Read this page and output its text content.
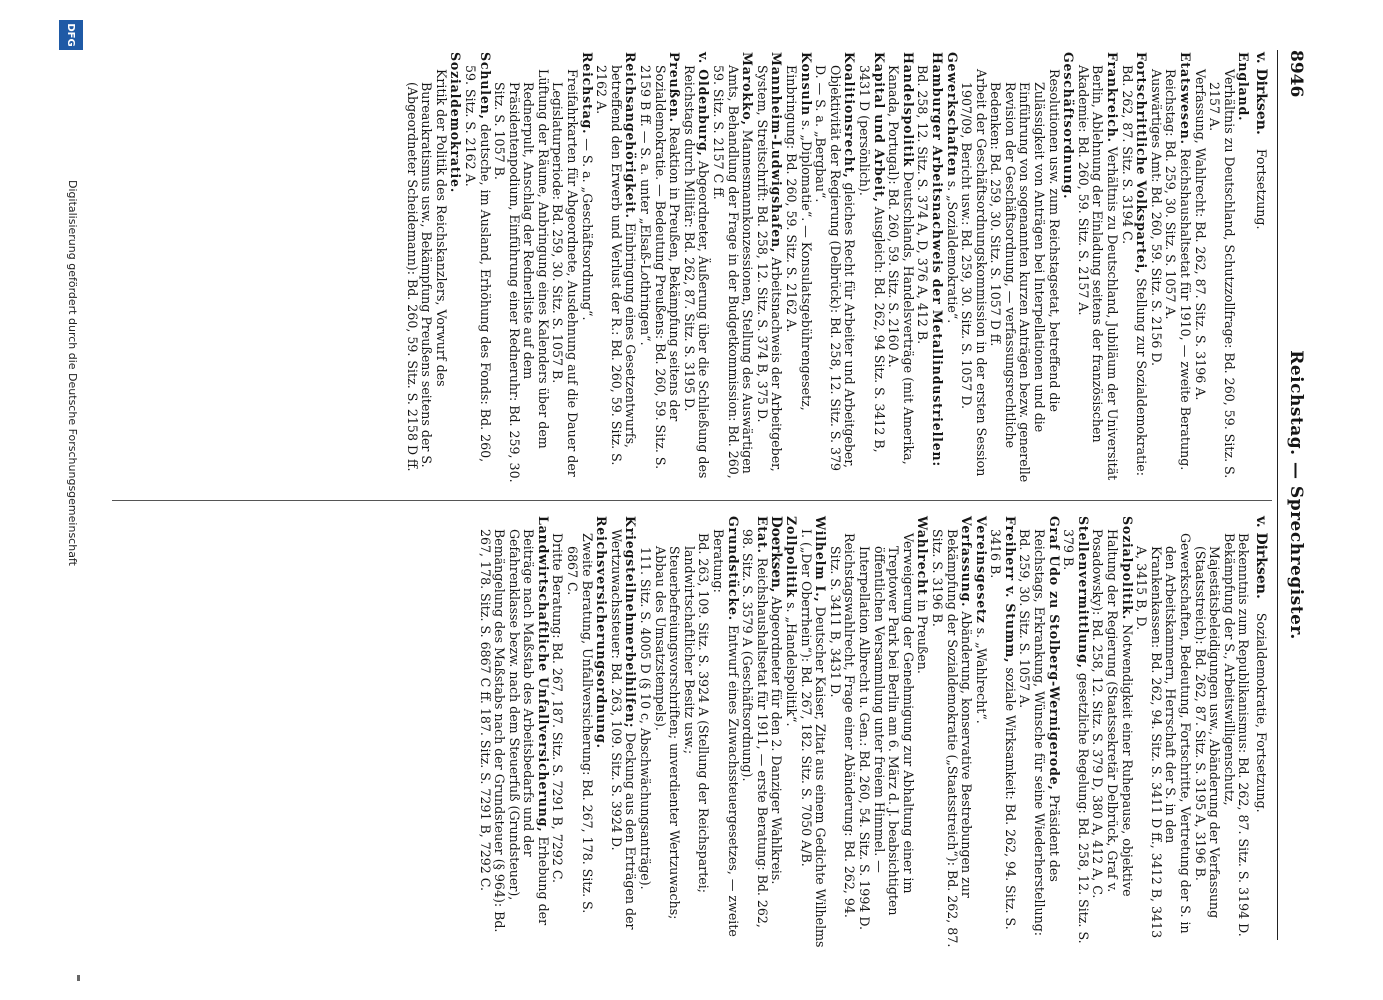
8946
Reichstag. — Sprechregister.
v. Dirksen. Fortsetzung.

England.

Verhältnis zu Deutschland, Schutzzollfrage: Bd. 260, 59. Sitz. S. 2157 A.

Verfassung, Wahlrecht: Bd. 262, 87. Sitz. S. 3196 A.

Etatswesen. Reichshaushaltsetat für 1910, — zweite Beratung.

Reichstag: Bd. 259, 30. Sitz. S. 1057 A.

Auswärtiges Amt: Bd. 260, 59. Sitz. S. 2156 D.

Fortschrittliche Volkspartei, Stellung zur Sozialdemokratie: Bd. 262, 87. Sitz. S. 3194 C.

Frankreich. Verhältnis zu Deutschland, Jubiläum der Universität Berlin, Ablehnung der Einladung seitens der französischen Akademie: Bd. 260, 59. Sitz. S. 2157 A.

Geschäftsordnung.

Resolutionen usw. zum Reichstagsetat, betreffend die Zulässigkeit von Anträgen bei Interpellationen und die Einführung von sogenannten kurzen Anträgen bezw. generelle Revision der Geschäftsordnung, — verfassungsrechtliche Bedenken: Bd. 259, 30. Sitz. S. 1057 D ff.

Arbeit der Geschäftsordnungskommission in der ersten Session 1907/09, Bericht usw.: Bd. 259, 30. Sitz. S. 1057 D.

Gewerkschaften s. „Sozialdemokratie“.

Hamburger Arbeitsnachweis der Metallindustriellen: Bd. 258, 12. Sitz. S. 374 A, D, 376 A, 412 B.

Handelspolitik Deutschlands, Handelsverträge (mit Amerika, Kanada, Portugal): Bd. 260, 59. Sitz. S. 2160 A.

Kapital und Arbeit, Ausgleich: Bd. 262, 94 Sitz. S. 3412 B, 3431 D (persönlich).

Koalitionsrecht, gleiches Recht für Arbeiter und Arbeitgeber, Objektivität der Regierung (Delbrück): Bd. 258, 12. Sitz. S. 379 D. — S. a. „Bergbau“.

Konsuln s. „Diplomatie“. — Konsulatsgebührengesetz, Einbringung: Bd. 260, 59. Sitz. S. 2162 A.

Mannheim-Ludwigshafen, Arbeitsnachweis der Arbeitgeber, System, Streitschrift: Bd. 258, 12. Sitz. S. 374 B, 375 D.

Marokko, Mannesmannkonzessionen, Stellung des Auswärtigen Amts, Behandlung der Frage in der Budgetkommission: Bd. 260, 59. Sitz. S. 2157 C ff.

v. Oldenburg, Abgeordneter, Äußerung über die Schließung des Reichstags durch Militär: Bd. 262, 87. Sitz. S. 3195 D.

Preußen. Reaktion in Preußen, Bekämpfung seitens der Sozialdemokratie. — Bedeutung Preußens: Bd. 260, 59. Sitz. S. 2159 B ff. — S. a. unter „Elsaß-Lothringen“.

Reichsangehörigkeit. Einbringung eines Gesetzentwurfs, betreffend den Erwerb und Verlust der R.: Bd. 260, 59. Sitz. S. 2162 A.

Reichstag. — S. a. „Geschäftsordnung“.

Freifahrkarten für Abgeordnete, Ausdehnung auf die Dauer der Legislaturperiode: Bd. 259, 30. Sitz. S. 1057 B.

Lüftung der Räume, Anbringung eines Kalenders über dem Rednerpult, Anschlag der Rednerliste auf dem Präsidentenpodium, Einführung einer Redneruhr: Bd. 259, 30. Sitz. S. 1057 B.

Schulen, deutsche, im Ausland, Erhöhung des Fonds: Bd. 260, 59. Sitz. S. 2162 A.

Sozialdemokratie.

Kritik der Politik des Reichskanzlers, Vorwurf des Bureaukratismus usw., Bekämpfung Preußens seitens der S. (Abgeordneter Scheidemann): Bd. 260, 59. Sitz. S. 2158 D ff.

v. Dirksen. Sozialdemokratie, Fortsetzung.

Bekenntnis zum Republikanismus: Bd. 262, 87. Sitz. S. 3194 D.

Bekämpfung der S., Arbeitswilligenschutz, Majestätsbeleidigungen usw., Abänderung der Verfassung (Staatsstreich): Bd. 262, 87. Sitz. S. 3195 A, 3196 B.

Gewerkschaften, Bedeutung, Fortschritte, Vertretung der S. in den Arbeitskammern, Herrschaft der S. in den Krankenkassen: Bd. 262, 94. Sitz. S. 3411 D ff., 3412 B, 3413 A, 3415 B, D.

Sozialpolitik. Notwendigkeit einer Ruhepause, objektive Haltung der Regierung (Staatssekretär Delbrück, Graf v. Posadowsky): Bd. 258, 12. Sitz. S. 379 D, 380 A, 412 A, C.

Stellenvermittlung, gesetzliche Regelung: Bd. 258, 12. Sitz. S. 379 B.

Graf Udo zu Stolberg-Wernigerode, Präsident des Reichstags, Erkrankung, Wünsche für seine Wiederherstellung: Bd. 259, 30. Sitz. S. 1057 A.

Freiherr v. Stumm, soziale Wirksamkeit: Bd. 262, 94. Sitz. S. 3416 B.

Vereinsgesetz s. „Wahlrecht“.

Verfassung. Abänderung, konservative Bestrebungen zur Bekämpfung der Sozialdemokratie („Staatsstreich“): Bd. 262, 87. Sitz. S. 3196 B.

Wahlrecht in Preußen.

Verweigerung der Genehmigung zur Abhaltung einer im Treptower Park bei Berlin am 6. März d. J. beabsichtigten öffentlichen Versammlung unter freiem Himmel. — Interpellation Albrecht u. Gen.: Bd. 260, 54. Sitz. S. 1994 D.

Reichstagswahlrecht, Frage einer Abänderung: Bd. 262, 94. Sitz. S. 3411 B, 3431 D.

Wilhelm I., Deutscher Kaiser, Zitat aus einem Gedichte Wilhelms I. („Der Oberrhein“): Bd. 267, 182. Sitz. S. 7050 A/B.

Zollpolitik s. „Handelspolitik“.

Doerksen, Abgeordneter für den 2. Danziger Wahlkreis.

Etat. Reichshaushaltsetat für 1911, — erste Beratung: Bd. 262, 98. Sitz. S. 3579 A (Geschäftsordnung).

Grundstücke. Entwurf eines Zuwachssteuergesetzes, — zweite Beratung:

Bd. 263, 109. Sitz. S. 3924 A (Stellung der Reichspartei; landwirtschaftlicher Besitz usw.; Steuerbefreiungsvorschriften; unverdienter Wertzuwachs; Abbau des Umsatzstempels).

111. Sitz. S. 4005 D (§ 10 c, Abschwächungsanträge).

Kriegsteilnehmerbeihilfen; Deckung aus den Erträgen der Wertzuwachssteuer: Bd. 263, 109. Sitz. S. 3924 D.

Reichsversicherungsordnung.

Zweite Beratung, Unfallversicherung: Bd. 267, 178. Sitz. S. 6867 C.

Dritte Beratung: Bd. 267, 187. Sitz. S. 7291 B, 7292 C.

Landwirtschaftliche Unfallversicherung, Erhebung der Beiträge nach Maßstab des Arbeitsbedarfs und der Gefahrenklasse bezw. nach dem Steuerfuß (Grundsteuer), Bemängelung des Maßstabs nach der Grundsteuer (§ 964): Bd. 267, 178. Sitz. S. 6867 C ff. 187. Sitz. S. 7291 B, 7292 C.

DFG
Digitalisierung gefördert durch die Deutsche Forschungsgemeinschaft
